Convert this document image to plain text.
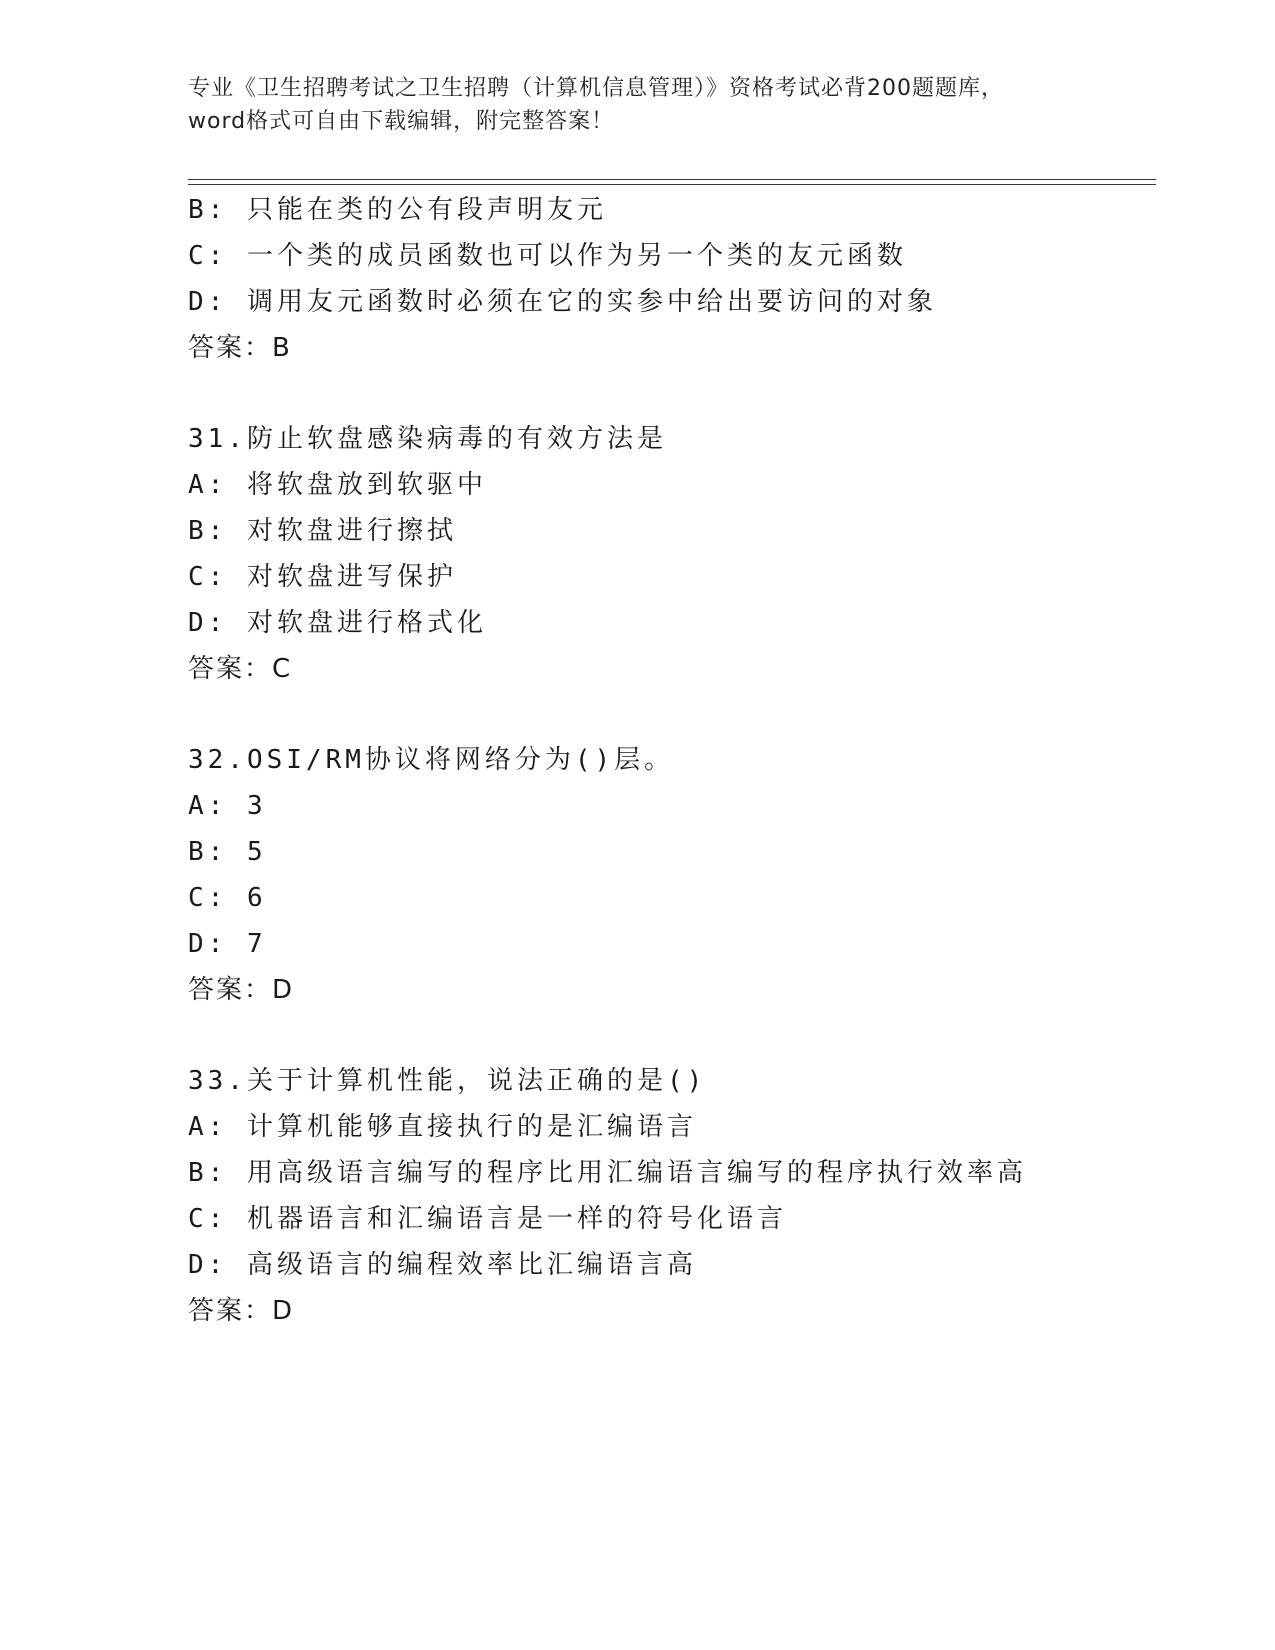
专业《卫生招聘考试之卫生招聘（计算机信息管理）》资格考试必背200题题库，
word格式可自由下载编辑，附完整答案！
B: 只能在类的公有段声明友元
C: 一个类的成员函数也可以作为另一个类的友元函数
D: 调用友元函数时必须在它的实参中给出要访问的对象
答案：B
31.防止软盘感染病毒的有效方法是
A: 将软盘放到软驱中
B: 对软盘进行擦拭
C: 对软盘进写保护
D: 对软盘进行格式化
答案：C
32.OSI/RM协议将网络分为()层。
A: 3
B: 5
C: 6
D: 7
答案：D
33.关于计算机性能，说法正确的是()
A: 计算机能够直接执行的是汇编语言
B: 用高级语言编写的程序比用汇编语言编写的程序执行效率高
C: 机器语言和汇编语言是一样的符号化语言
D: 高级语言的编程效率比汇编语言高
答案：D
